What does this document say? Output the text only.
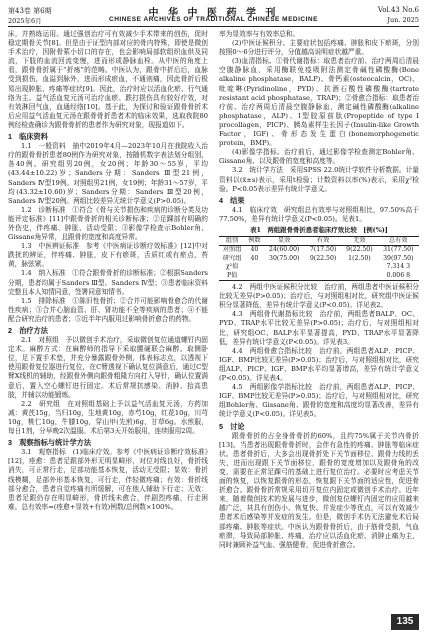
第43卷 第6期	中 华 中 医 药 学 刊	Vol.43 No.6
2025年6月	CHINESE ARCHIVES OF TRADITIONAL CHINESE MEDICINE	Jun. 2025

床，并熟练运用。通过强创治疗可有效减少手术带来的创伤，促时稳定期骨关节[8]。但是由于证型内部对应的骨内特殊，即使是微创手术治疗，因附骨萦小切口的存在，也会影响局部软组织血供及同流，下肢的血流回流变慢，进而形成静脉血栓。从中医的角度上看，跟骨骨折属于“折疡”的范畴。中医认为，跟骨中折后后，血脉受到损伤，血溢到脉外，进而形成瘀血，不通则痛，因此骨折后极易出现肿胀、疼痛等症状[9]。因此，治疗时应以活血化瘀、行气通络为主。益气活血复元汤可治疗血瘀、跌打损伤具有较好疗效，对有效淋回气血，血通经络[10]。基于此，为探讨和验证跟骨骨折术后应用益气活血复元汤在跟骨骨折患者术的临床效果，选取我院80例经检查确诊为跟骨骨折的患者作为研究对象，现报道如下。

1　临床资料

1.1　一般资料　抽中2019年4月—2023年10月在我院收入治疗的跟骨骨折患者80例作为研究对象，按随机数字表法划分组别，各40例。研究组男20例，女20例；年龄30～55岁，平均(43.44±10.22)岁；Sanders分期：Sanders Ⅲ型21例，Sanders Ⅳ型19例。对照组男21例，女19例；年龄31～57岁，平均(43.32±10.60)岁；Sanders分期：Sanders Ⅲ型20例，Sanders Ⅳ型20例。两组比较差异无统计学意义(P>0.05)。

1.2　诊断标准　①符合《骨与关节损伤和疾病的诊断分类及功能评定标准》[11]中跟骨骨折的相关诊断标准；②足踝部有明确的外伤史，伴疼痛、肿胀、活动受限；③影像学检查示Bohler角、Gissane角异常，且跟骨的宽度和高度异常。

1.3　中医辨证标准　参考《中医病证诊断疗效标准》[12]中对跌扰的辨证，伴疼痛、肿胀，皮下有瘀斑，舌质红或有瘀点，苔黄，脉弦紧。

1.4　纳入标准　①符合跟骨骨折的诊断标准；②根据Sanders分期，患者均属于Sanders Ⅲ型、Sanders Ⅳ型；③患者临床资料完整且本人知情同意，签署同意知情书。

1.5　排除标准　①陈旧性骨折；②合并可能影响骨愈合的代谢性疾病；③合并心脑血管、肝、肾功能不全等疾病的患者；④不能配合研究治疗的患者；⑤近半年内服用过影响骨折愈合的药物。

2　治疗方法

2.1　对照组　予以微创手术治疗，采取微创复位通道螺钉内固定术。麻醉方式：在麻醉师的指导下采取腰硬联合麻醉。取侧卧位，足下置手术垫，并充分暴露跟骨外侧，体表标志点，以透视下使用跟骨复位器进行复位，在C臂透视下确认复位满意后，通过C型臂X线机的辅助，经跟骨外侧向跟骨粗隆方向打入导针，确认位置满意后，置入空心螺钉进行固定。术后常规抗感染、消肿、抬高患肢，并辅以功能锻炼。

2.2　研究组　在对照组基础上予以益气活血复元汤，方药加减：黄芪15g，当归10g，生地黄10g，赤芍10g，红花10g，川芎10g，桃仁10g，牛膝10g，穿山甲(先煎)6g，甘草6g。水煎服，每日1剂，分早晚2次温服。术后第3天开始服用，连续服用2周。

3　观察指标与统计学方法

3.1　观察指标　(1)临床疗效。参考《中医病证诊断疗效标准》[12]，痊愈：患者足跟部外形无明显畸形，对位对线良好，骨折线消失，可正常行走，足部功能基本恢复，活动无受限；显效：骨折线模糊，足部外形基本恢复，可行走，伴轻微疼痛；有效：骨折线部分愈合，患者自觉疼痛有所缓解，可在他人辅助下行走；无效：患者足跟仍存在明显畸形，骨折线未愈合，伴剧烈疼痛，行走困难。总有效率=(痊愈+显效+有效)例数/总例数×100%。

率为显效率与有效率总和。

(2)中医证候积分。主要症状包括疼痛、肿胀和皮下瘀斑，分别按照0～6分进行评分，分值越高说明症状越严重。

(3)血清指标。①骨代谢指标：取患者治疗前、治疗两周后清晨空腹静脉血，采用酶联免疫吸附法测定骨碱性磷酸酶(Bone alkaline phosphatase，BALP)、骨钙素(osteocalcin，OC)、吡啶啉(Pyridinoline，PYD)、抗酒石酸性磷酸酶(tartrate resistant acid phosphatase，TRAP)；②骨愈合指标：取患者治疗前、治疗两周后清晨空腹静脉血，测定碱性磷酸酶(alkaline phosphatase，ALP)、I型胶原前肽(Propeptide of type I procollagen，PICP)、胰岛素样生长因子(Insulin-like Growth Factor，IGF)、骨形态发生蛋白(bonemorphogenetic protein，BMP)。

(4)影像学指标。治疗前后，通过影像学检查测定Bohler角、Gissane角、以及跟骨的宽度和高度等。

3.2　统计学方法　采用SPSS 22.0统计学软件分析数据。计量资料以(x̄±s)表示，采用t检验；计数资料以率(%)表示，采用χ²检验。P<0.05表示差异有统计学意义。

4　结果

4.1　临床疗效　研究组总有效率与对照组相比，97.50%高于77.50%，差异有统计学意义(P<0.05)。见表1。

表1　两组跟骨骨折患者临床疗效比较　[例(%)]
组别	例数	显效	有效	无效	总有效
对照组	40	24(60.00)	7(17.50)	9(22.50)	31(77.50)
研究组	40	30(75.00)	9(22.50)	1(2.50)	39(97.50)
χ²值					7.314 3
P值					0.006 8

4.2　两组中医证候积分比较　治疗前，两组患者中医证候积分比较无差异(P>0.05)；治疗后，与对照组相对比，研究组中医证候积分显著降低，差异有统计学意义(P<0.05)。详见表2。

4.3　两组骨代谢指标比较　治疗前，两组患者BALP、OC、PYD、TRAP水平比较无差异(P>0.05)；治疗后，与对照组相对比，研究组OC、BALP水平显著提高，PYD、TRAP水平显著降低，差异有统计学意义(P<0.05)。详见表3。

4.4　两组骨愈合指标比较　治疗前，两组患者ALP、PICP、IGF、BMP比较无差异(P>0.05)；治疗后，与对照组相对比，研究组ALP、PICP、IGF、BMP水平均显著增高，差异有统计学意义(P<0.05)。详见表4。

4.5　两组影像学指标比较　治疗前，两组患者ALP、PICP、IGF、BMP比较无差异(P>0.05)；治疗后，与对照组相对比，研究组Bohler角、Gissane角、跟骨的宽度和高度均显著改善，差异有统计学意义(P<0.05)。详见表5。

5　讨论

跟骨骨折的占全身骨骨折的60%，且约75%属于关节内骨折[13]。当患者出现跟骨骨折时，会伴有急性的疼痛、肿胀等临床症状。患者骨折后，大多会出现骨折处下关节面移位、跟骨力线的丢失，进而出现跟下关节面移位，跟骨的宽度增加以及跟骨角的改变，需要在正常足踝弓的基础上进行复位治疗。必要时应考虑关节面的恢复，以恢复跟骨的形态，恢复跟下关节面的适应性，促进骨折愈合。跟骨骨折常规采用切开复位内固定或微创手术治疗。近年来，随着微创技术的发展与进步，微创复位螺钉内固定的应用越来越广泛，其具有创伤小、恢复快、并发症少等优点，可以有效减少患者术后感染等并发症的发生。但是，微创手术仍无法避免术后局部疼痛、肿胀等症状。中医认为跟骨骨折后，由于筋骨受损，气血瘀滞，导致局部肿胀、疼痛，治疗应以活血化瘀、消肿止痛为主，同时兼顾补益气血、强筋健骨，促进骨折愈合。

135
